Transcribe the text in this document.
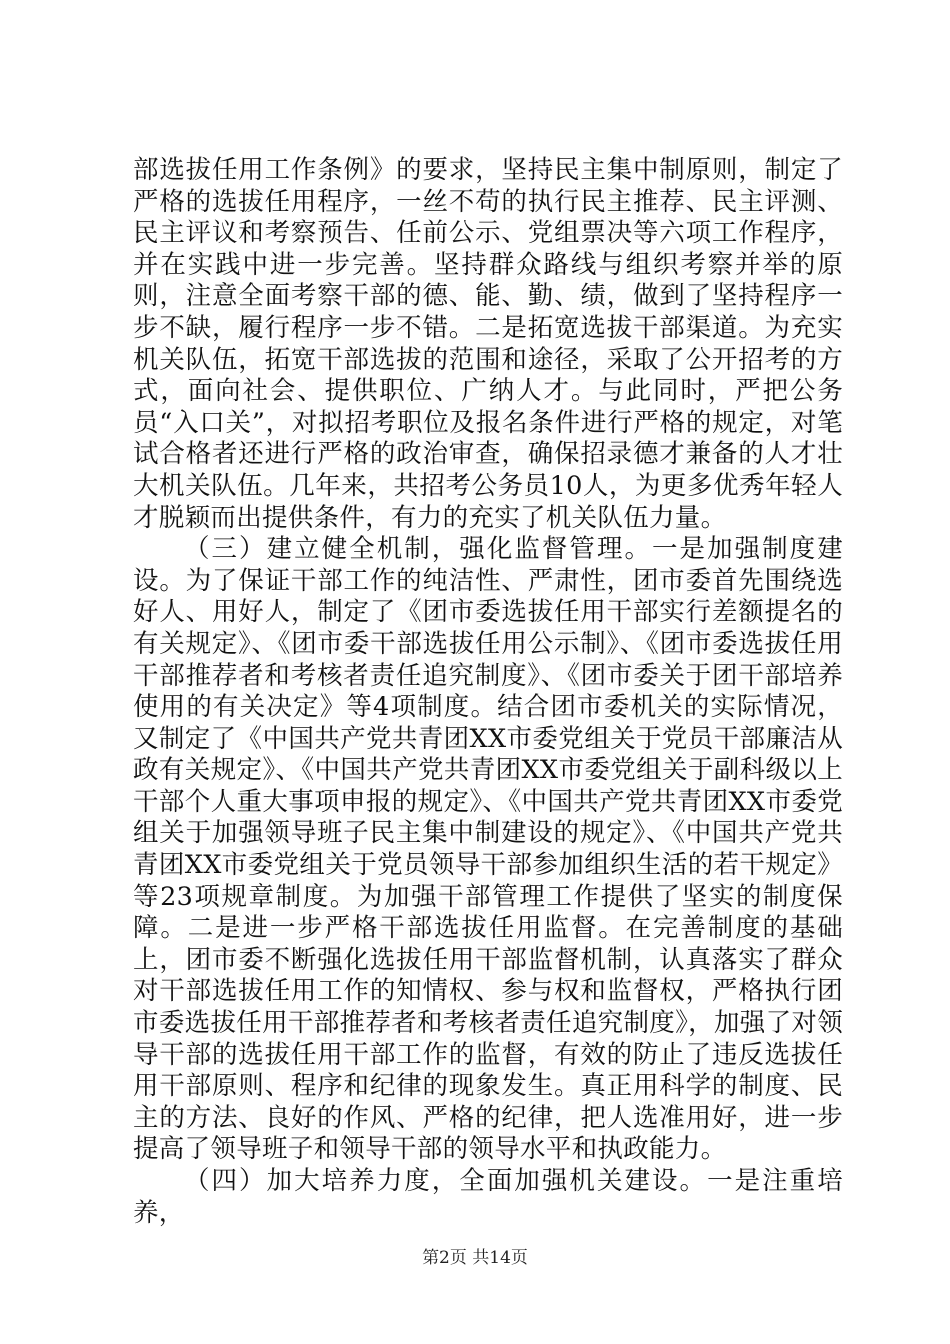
部选拔任用工作条例》的要求，坚持民主集中制原则，制定了严格的选拔任用程序，一丝不苟的执行民主推荐、民主评测、民主评议和考察预告、任前公示、党组票决等六项工作程序，并在实践中进一步完善。坚持群众路线与组织考察并举的原则，注意全面考察干部的德、能、勤、绩，做到了坚持程序一步不缺，履行程序一步不错。二是拓宽选拔干部渠道。为充实机关队伍，拓宽干部选拔的范围和途径，采取了公开招考的方式，面向社会、提供职位、广纳人才。与此同时，严把公务员“入口关”，对拟招考职位及报名条件进行严格的规定，对笔试合格者还进行严格的政治审查，确保招录德才兼备的人才壮大机关队伍。几年来，共招考公务员10人，为更多优秀年轻人才脱颖而出提供条件，有力的充实了机关队伍力量。

（三）建立健全机制，强化监督管理。一是加强制度建设。为了保证干部工作的纯洁性、严肃性，团市委首先围绕选好人、用好人，制定了《团市委选拔任用干部实行差额提名的有关规定》、《团市委干部选拔任用公示制》、《团市委选拔任用干部推荐者和考核者责任追究制度》、《团市委关于团干部培养使用的有关决定》等4项制度。结合团市委机关的实际情况，又制定了《中国共产党共青团XX市委党组关于党员干部廉洁从政有关规定》、《中国共产党共青团XX市委党组关于副科级以上干部个人重大事项申报的规定》、《中国共产党共青团XX市委党组关于加强领导班子民主集中制建设的规定》、《中国共产党共青团XX市委党组关于党员领导干部参加组织生活的若干规定》等23项规章制度。为加强干部管理工作提供了坚实的制度保障。二是进一步严格干部选拔任用监督。在完善制度的基础上，团市委不断强化选拔任用干部监督机制，认真落实了群众对干部选拔任用工作的知情权、参与权和监督权，严格执行团市委选拔任用干部推荐者和考核者责任追究制度》，加强了对领导干部的选拔任用干部工作的监督，有效的防止了违反选拔任用干部原则、程序和纪律的现象发生。真正用科学的制度、民主的方法、良好的作风、严格的纪律，把人选准用好，进一步提高了领导班子和领导干部的领导水平和执政能力。

（四）加大培养力度，全面加强机关建设。一是注重培养，

第2页 共14页
